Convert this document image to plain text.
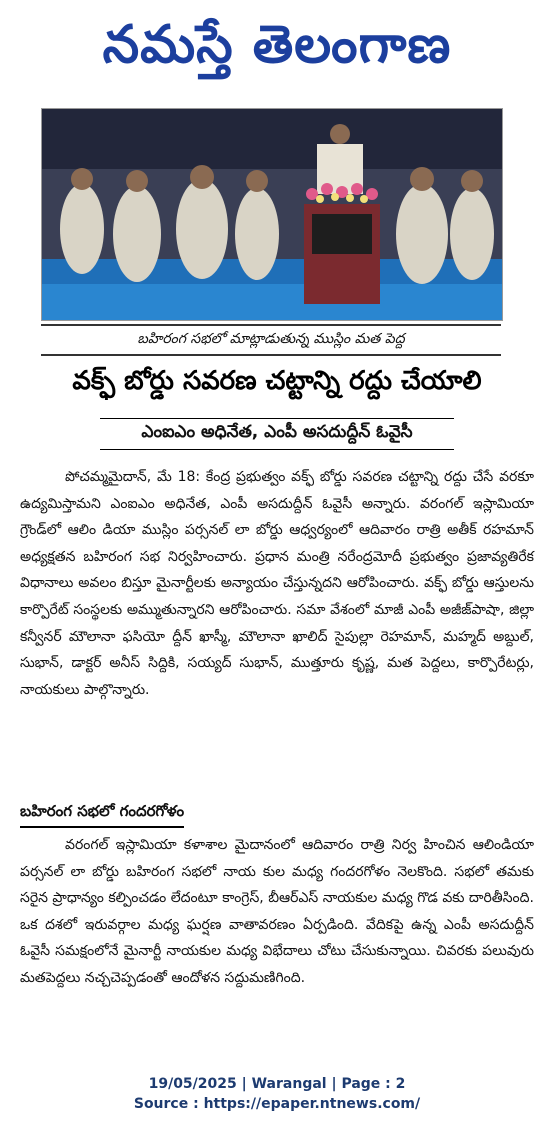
నమస్తే తెలంగాణ
బహిరంగ సభలో మాట్లాడుతున్న ముస్లిం మత పెద్ద
వక్ఫ్ బోర్డు సవరణ చట్టాన్ని రద్దు చేయాలి
ఎంఐఎం అధినేత, ఎంపీ అసదుద్దీన్ ఓవైసీ

పోచమ్మమైదాన్, మే 18: కేంద్ర ప్రభుత్వం వక్ఫ్ బోర్డు సవరణ చట్టాన్ని రద్దు చేసే వరకూ ఉద్యమిస్తామని ఎంఐఎం అధినేత, ఎంపీ అసదుద్దీన్ ఓవైసీ అన్నారు. వరంగల్ ఇస్లామియా గ్రౌండ్‌లో ఆలిం డియా ముస్లిం పర్సనల్ లా బోర్డు ఆధ్వర్యంలో ఆదివారం రాత్రి అతీక్ రహమాన్ అధ్యక్షతన బహిరంగ సభ నిర్వహించారు. ప్రధాన మంత్రి నరేంద్రమోదీ ప్రభుత్వం ప్రజావ్యతిరేక విధానాలు అవలం బిస్తూ మైనార్టీలకు అన్యాయం చేస్తున్నదని ఆరోపించారు. వక్ఫ్ బోర్డు ఆస్తులను కార్పొరేట్ సంస్థలకు అమ్ముతున్నారని ఆరోపించారు. సమా వేశంలో మాజీ ఎంపీ అజీజ్‌పాషా, జిల్లా కన్వీనర్ మౌలానా ఫసియో ద్దీన్ ఖాస్మీ, మౌలానా ఖాలిద్ సైపుల్లా రెహమాన్, మహ్మద్ అబ్దుల్, సుభాన్, డాక్టర్ అనీస్ సిద్దికి, సయ్యద్ సుభాన్, ముత్తూరు కృష్ణ, మత పెద్దలు, కార్పొరేటర్లు, నాయకులు పాల్గొన్నారు.

బహిరంగ సభలో గందరగోళం

వరంగల్ ఇస్లామియా కళాశాల మైదానంలో ఆదివారం రాత్రి నిర్వ హించిన ఆలిండియా పర్సనల్ లా బోర్డు బహిరంగ సభలో నాయ కుల మధ్య గందరగోళం నెలకొంది. సభలో తమకు సరైన ప్రాధాన్యం కల్పించడం లేదంటూ కాంగ్రెస్, బీఆర్ఎస్ నాయకుల మధ్య గొడ వకు దారితీసింది. ఒక దశలో ఇరువర్గాల మధ్య ఘర్షణ వాతావరణం ఏర్పడింది. వేదికపై ఉన్న ఎంపీ అసదుద్దీన్ ఓవైసీ సమక్షంలోనే మైనార్టీ నాయకుల మధ్య విభేదాలు చోటు చేసుకున్నాయి. చివరకు పలువురు మతపెద్దలు నచ్చచెప్పడంతో ఆందోళన సద్దుమణిగింది.

19/05/2025 | Warangal | Page : 2
Source : https://epaper.ntnews.com/
